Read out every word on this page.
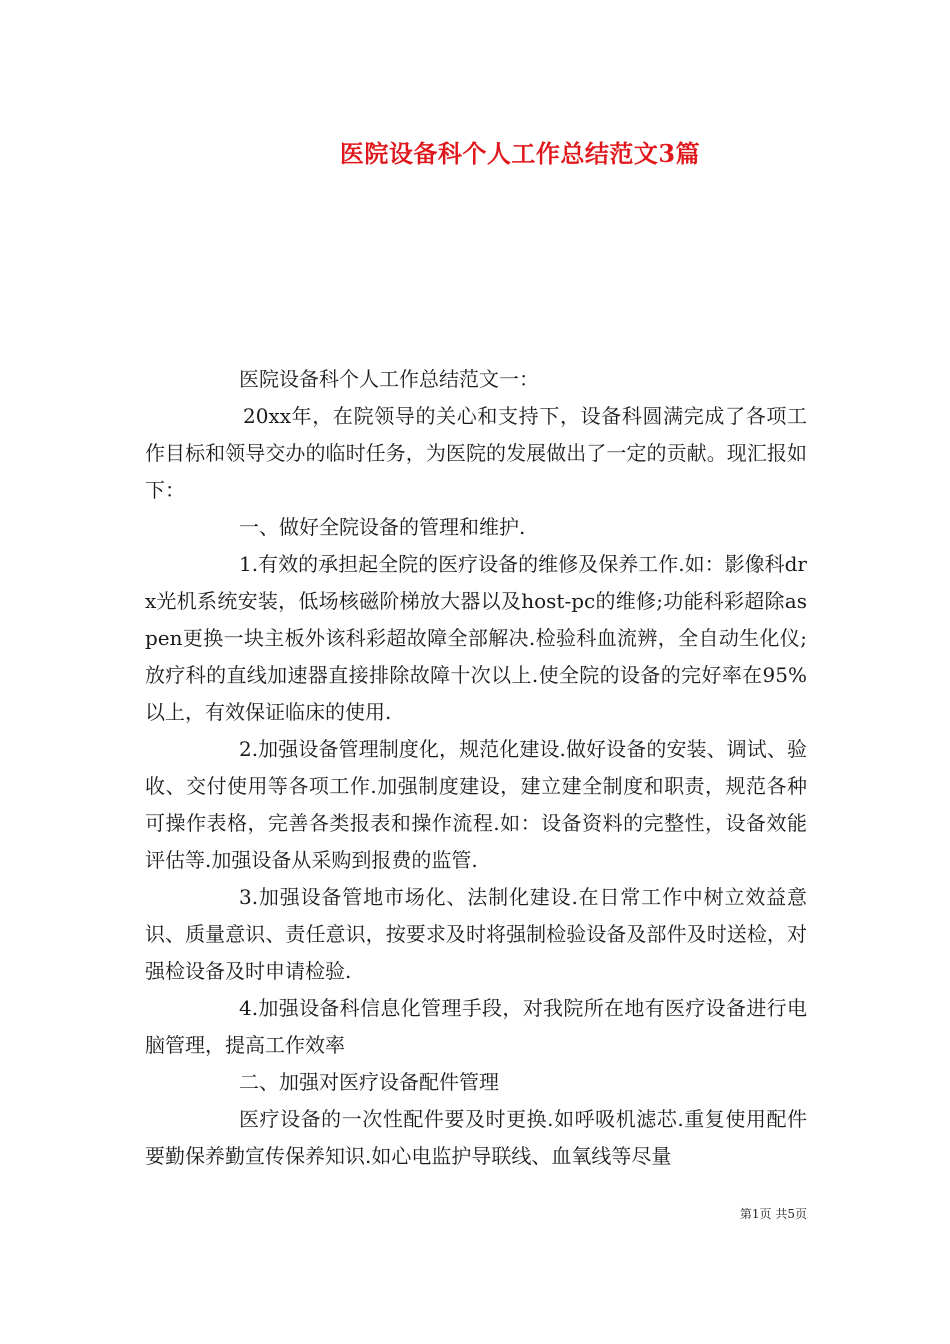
医院设备科个人工作总结范文3篇

医院设备科个人工作总结范文一：

20xx年，在院领导的关心和支持下，设备科圆满完成了各项工作目标和领导交办的临时任务，为医院的发展做出了一定的贡献。现汇报如下：

一、做好全院设备的管理和维护.

1.有效的承担起全院的医疗设备的维修及保养工作.如：影像科drx光机系统安装，低场核磁阶梯放大器以及host-pc的维修;功能科彩超除aspen更换一块主板外该科彩超故障全部解决.检验科血流辨，全自动生化仪;放疗科的直线加速器直接排除故障十次以上.使全院的设备的完好率在95%以上，有效保证临床的使用.

2.加强设备管理制度化，规范化建设.做好设备的安装、调试、验收、交付使用等各项工作.加强制度建设，建立建全制度和职责，规范各种可操作表格，完善各类报表和操作流程.如：设备资料的完整性，设备效能评估等.加强设备从采购到报费的监管.

3.加强设备管地市场化、法制化建设.在日常工作中树立效益意识、质量意识、责任意识，按要求及时将强制检验设备及部件及时送检，对强检设备及时申请检验.

4.加强设备科信息化管理手段，对我院所在地有医疗设备进行电脑管理，提高工作效率

二、加强对医疗设备配件管理

医疗设备的一次性配件要及时更换.如呼吸机滤芯.重复使用配件要勤保养勤宣传保养知识.如心电监护导联线、血氧线等尽量

第1页 共5页
